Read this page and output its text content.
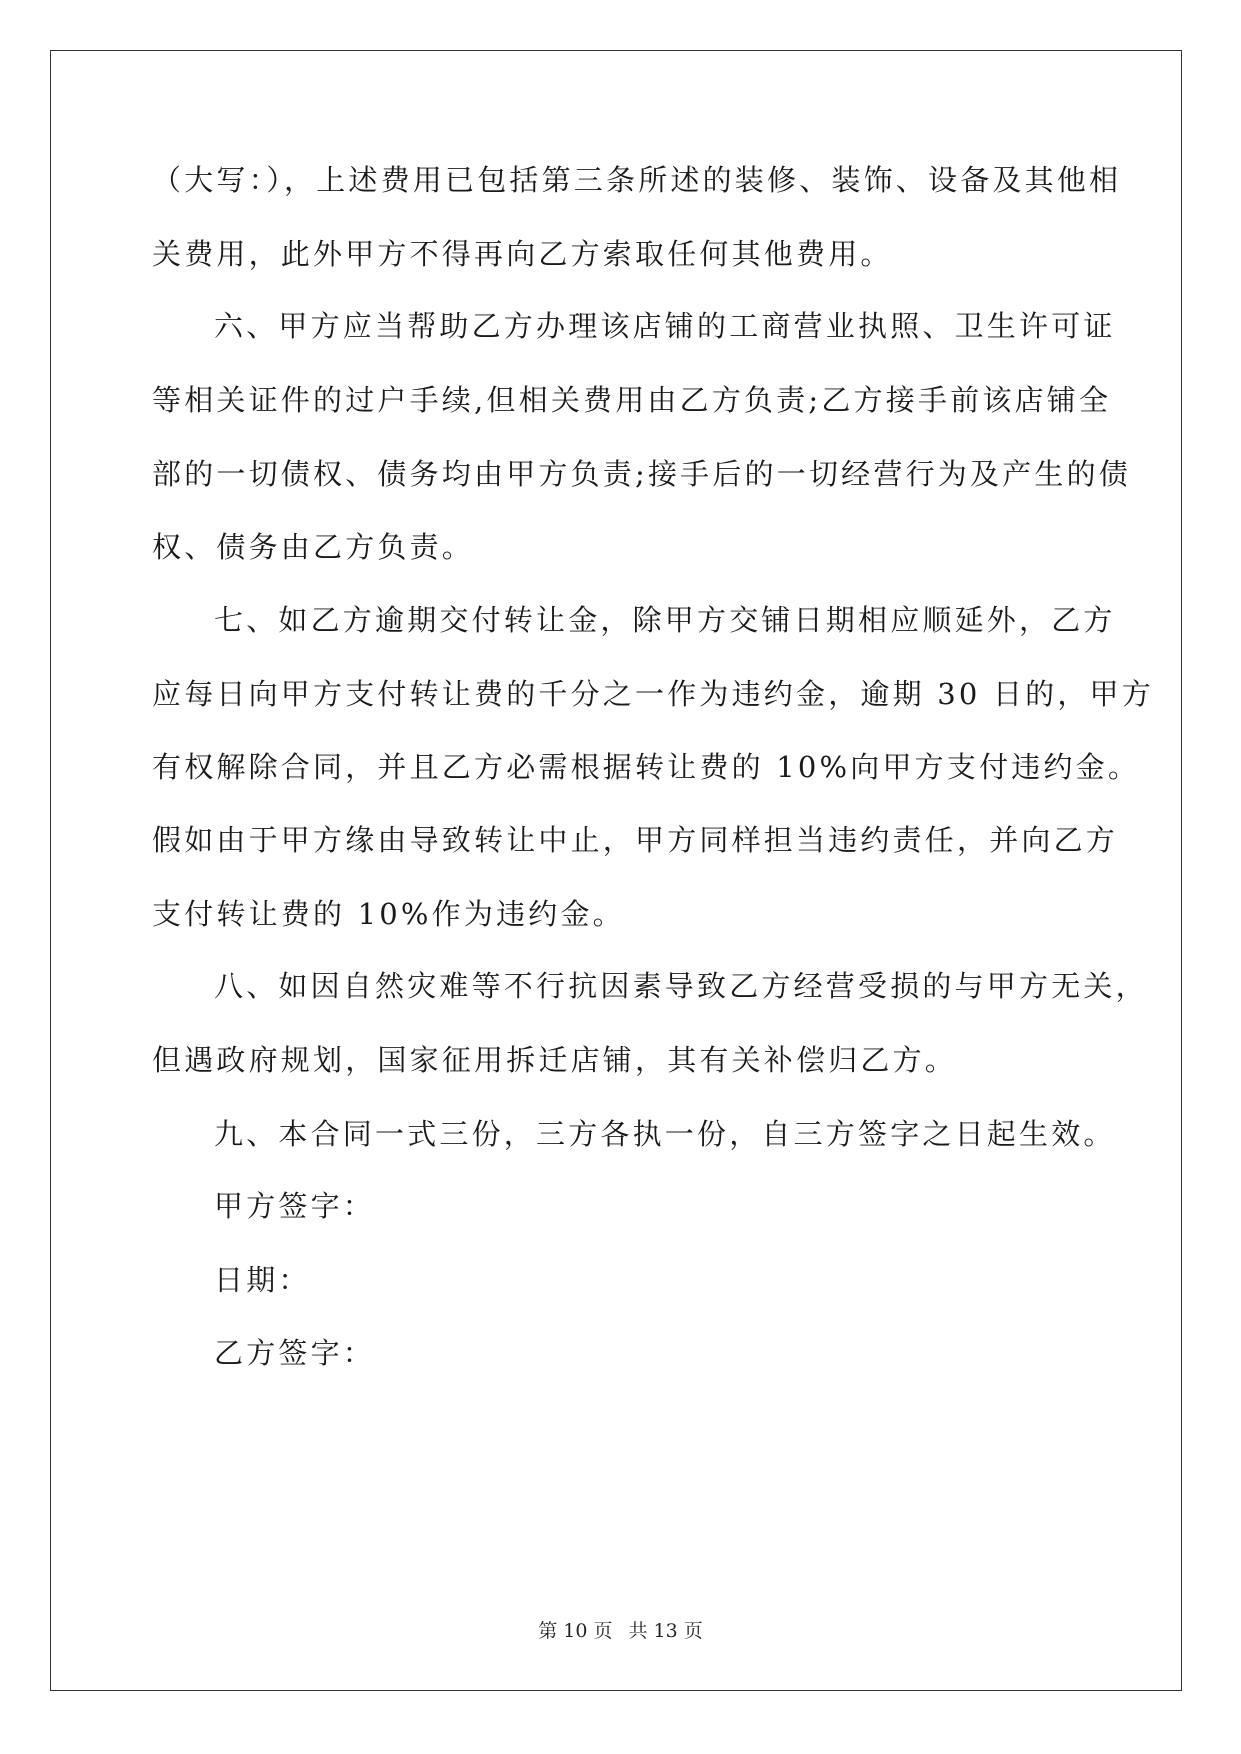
（大写：），上述费用已包括第三条所述的装修、装饰、设备及其他相
关费用，此外甲方不得再向乙方索取任何其他费用。
六、甲方应当帮助乙方办理该店铺的工商营业执照、卫生许可证
等相关证件的过户手续,但相关费用由乙方负责;乙方接手前该店铺全
部的一切债权、债务均由甲方负责;接手后的一切经营行为及产生的债
权、债务由乙方负责。
七、如乙方逾期交付转让金，除甲方交铺日期相应顺延外，乙方
应每日向甲方支付转让费的千分之一作为违约金，逾期 30 日的，甲方
有权解除合同，并且乙方必需根据转让费的 10%向甲方支付违约金。
假如由于甲方缘由导致转让中止，甲方同样担当违约责任，并向乙方
支付转让费的 10%作为违约金。
八、如因自然灾难等不行抗因素导致乙方经营受损的与甲方无关，
但遇政府规划，国家征用拆迁店铺，其有关补偿归乙方。
九、本合同一式三份，三方各执一份，自三方签字之日起生效。
甲方签字：
日期：
乙方签字：
第 10 页 共 13 页
